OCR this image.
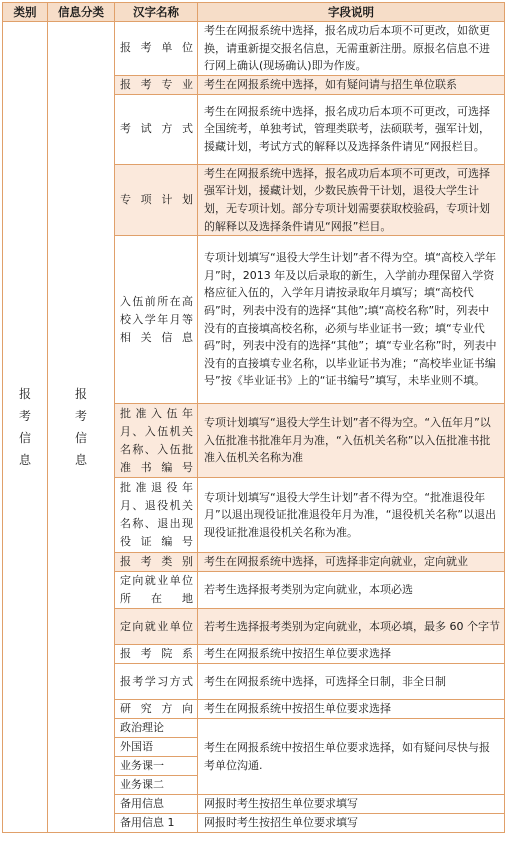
类别	信息分类	汉字名称	字段说明

报
考
信
息	报
考
信
息	报考单位	考生在网报系统中选择，报名成功后本项不可更改，如欲更换，请重新提交报名信息，无需重新注册。原报名信息不进行网上确认(现场确认)即为作废。
		报考专业	考生在网报系统中选择，如有疑问请与招生单位联系
		考试方式	考生在网报系统中选择，报名成功后本项不可更改，可选择全国统考，单独考试，管理类联考，法硕联考，强军计划，援藏计划，考试方式的解释以及选择条件请见“网报栏目。
		专项计划	考生在网报系统中选择，报名成功后本项不可更改，可选择强军计划，援藏计划，少数民族骨干计划，退役大学生计划，无专项计划。部分专项计划需要获取校验码，专项计划的解释以及选择条件请见“网报”栏目。
		入伍前所在高校入学年月等相关信息	专项计划填写“退役大学生计划”者不得为空。填“高校入学年月”时，2013 年及以后录取的新生，入学前办理保留入学资格应征入伍的，入学年月请按录取年月填写；填“高校代码”时，列表中没有的选择“其他”;填“高校名称”时，列表中没有的直接填高校名称，必须与毕业证书一致；填“专业代码”时，列表中没有的选择“其他”；填“专业名称”时，列表中没有的直接填专业名称，以毕业证书为准；“高校毕业证书编号”按《毕业证书》上的“证书编号”填写，未毕业则不填。
		批准入伍年月、入伍机关名称、入伍批准书编号	专项计划填写“退役大学生计划”者不得为空。“入伍年月”以入伍批准书批准年月为准，“入伍机关名称”以入伍批准书批准入伍机关名称为准
		批准退役年月、退役机关名称、退出现役证编号	专项计划填写“退役大学生计划”者不得为空。“批准退役年月”以退出现役证批准退役年月为准，“退役机关名称”以退出现役证批准退役机关名称为准。
		报考类别	考生在网报系统中选择，可选择非定向就业，定向就业
		定向就业单位所在地	若考生选择报考类别为定向就业，本项必选
		定向就业单位	若考生选择报考类别为定向就业，本项必填，最多 60 个字节
		报考院系	考生在网报系统中按招生单位要求选择
		报考学习方式	考生在网报系统中选择，可选择全日制，非全日制
		研究方向	考生在网报系统中按招生单位要求选择
		政治理论	考生在网报系统中按招生单位要求选择，如有疑问尽快与报考单位沟通.
		外国语	
		业务课一	
		业务课二	
		备用信息	网报时考生按招生单位要求填写
		备用信息 1	网报时考生按招生单位要求填写
